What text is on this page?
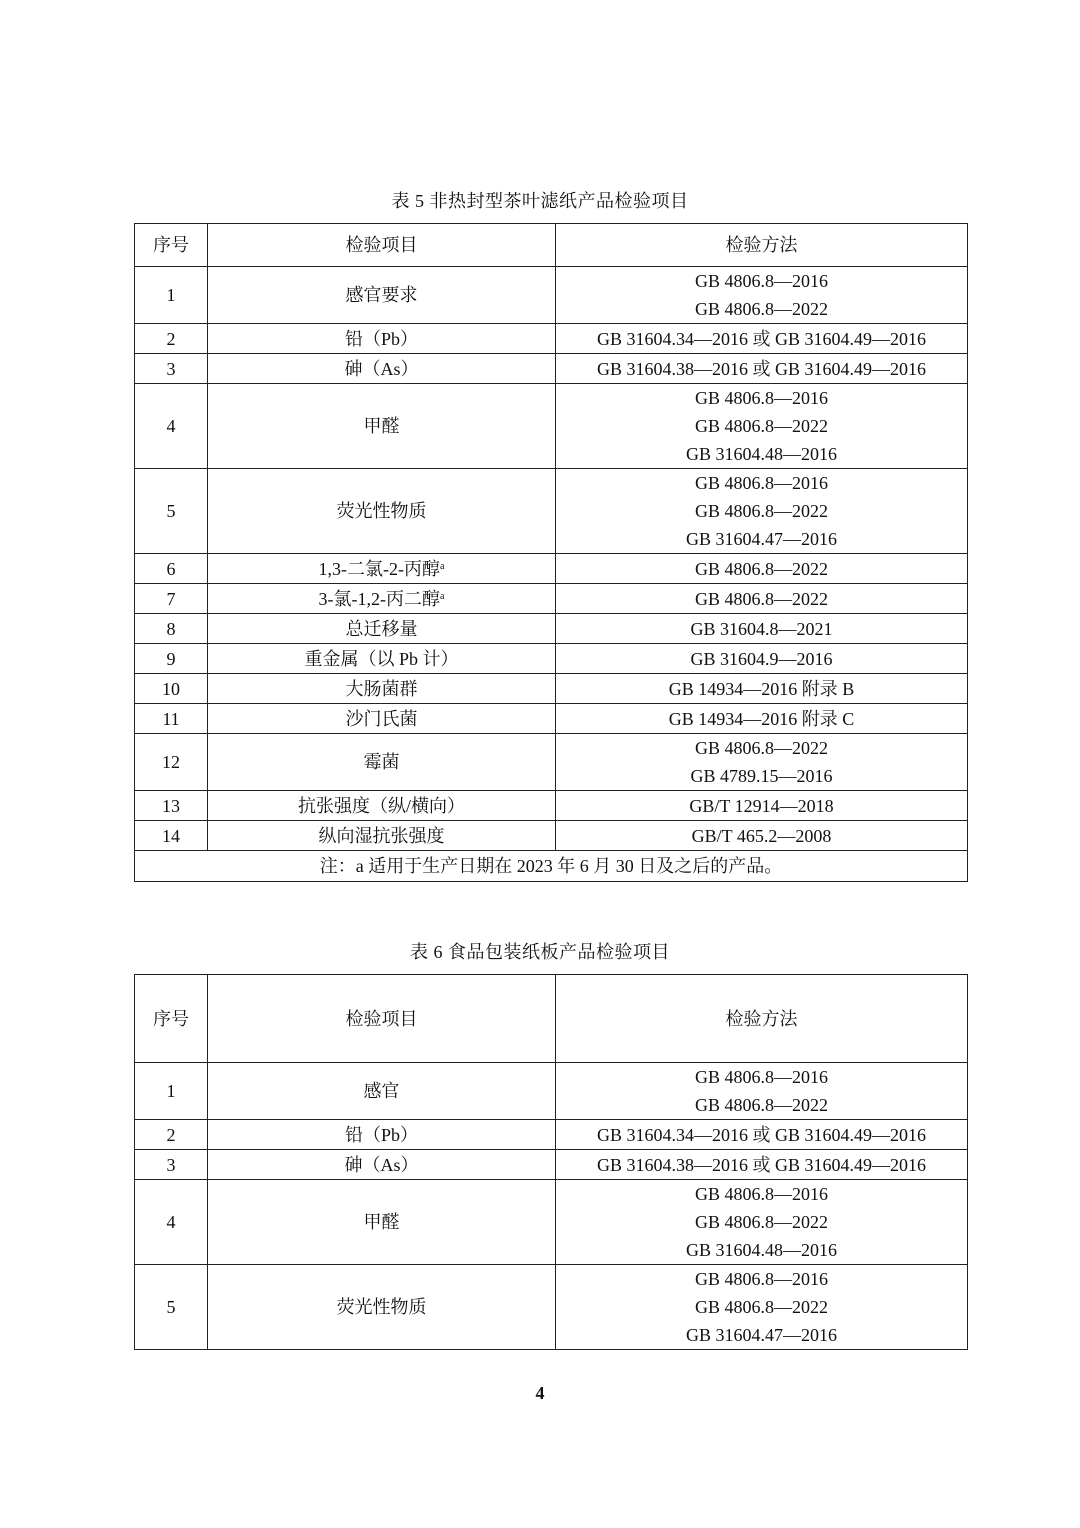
表 5 非热封型茶叶滤纸产品检验项目
序号	检验项目	检验方法
1	感官要求	GB 4806.8—2016
GB 4806.8—2022

2	铅（Pb）	GB 31604.34—2016 或 GB 31604.49—2016

3	砷（As）	GB 31604.38—2016 或 GB 31604.49—2016

4	甲醛	GB 4806.8—2016
GB 4806.8—2022
GB 31604.48—2016

5	荧光性物质	GB 4806.8—2016
GB 4806.8—2022
GB 31604.47—2016

6	1,3-二氯-2-丙醇$^a$	GB 4806.8—2022

7	3-氯-1,2-丙二醇$^a$	GB 4806.8—2022

8	总迁移量	GB 31604.8—2021

9	重金属（以 Pb 计）	GB 31604.9—2016

10	大肠菌群	GB 14934—2016 附录 B

11	沙门氏菌	GB 14934—2016 附录 C

12	霉菌	GB 4806.8—2022
GB 4789.15—2016

13	抗张强度（纵/横向）	GB/T 12914—2018

14	纵向湿抗张强度	GB/T 465.2—2008

注：a 适用于生产日期在 2023 年 6 月 30 日及之后的产品。		
表 6 食品包装纸板产品检验项目
序号	检验项目	检验方法
1	感官	GB 4806.8—2016
GB 4806.8—2022

2	铅（Pb）	GB 31604.34—2016 或 GB 31604.49—2016

3	砷（As）	GB 31604.38—2016 或 GB 31604.49—2016

4	甲醛	GB 4806.8—2016
GB 4806.8—2022
GB 31604.48—2016

5	荧光性物质	GB 4806.8—2016
GB 4806.8—2022
GB 31604.47—2016
4
